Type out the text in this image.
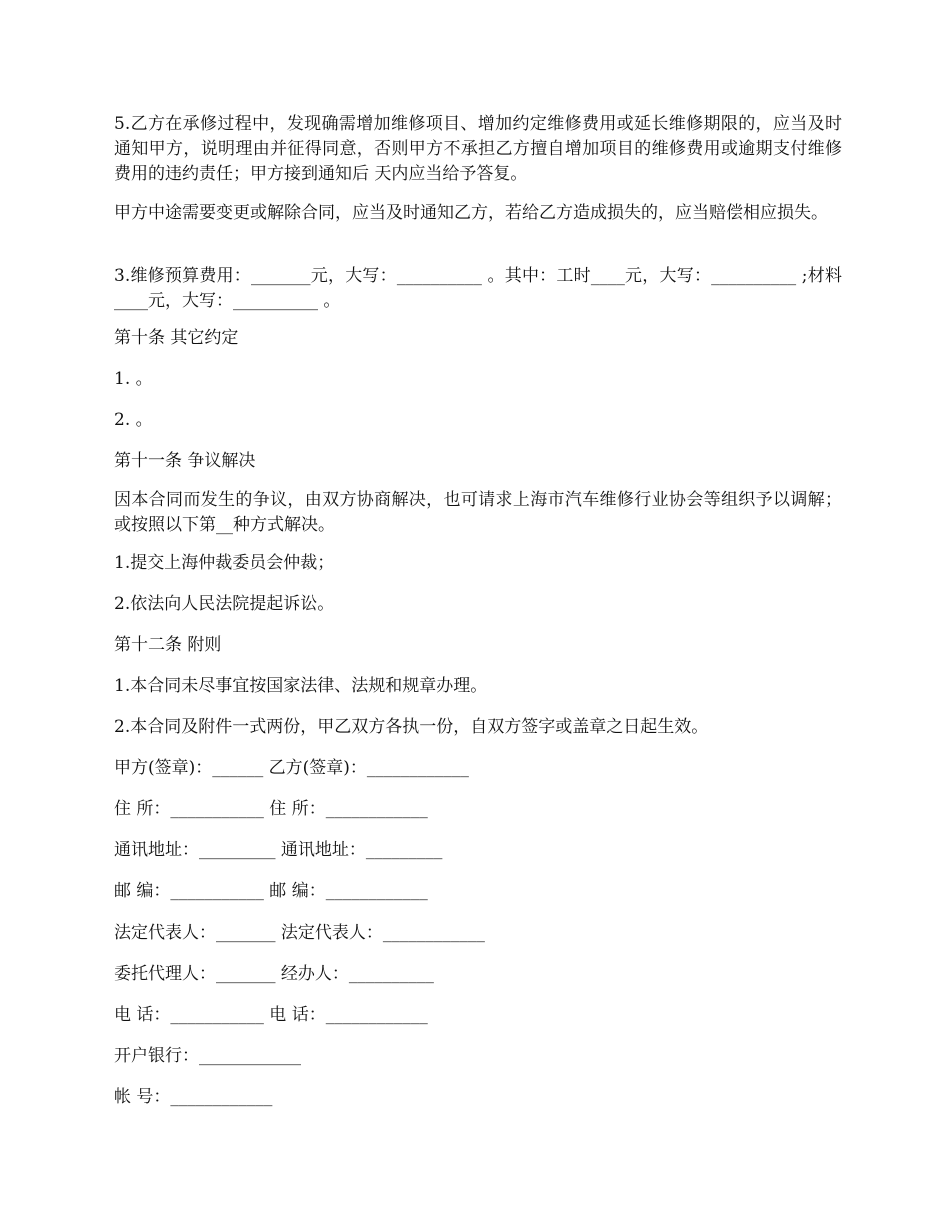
5.乙方在承修过程中，发现确需增加维修项目、增加约定维修费用或延长维修期限的，应当及时通知甲方，说明理由并征得同意，否则甲方不承担乙方擅自增加项目的维修费用或逾期支付维修费用的违约责任；甲方接到通知后 天内应当给予答复。

甲方中途需要变更或解除合同，应当及时通知乙方，若给乙方造成损失的，应当赔偿相应损失。

3.维修预算费用：_______元，大写：__________ 。其中：工时____元，大写：__________ ;材料____元，大写：__________ 。

第十条 其它约定

1. 。

2. 。

第十一条 争议解决

因本合同而发生的争议，由双方协商解决，也可请求上海市汽车维修行业协会等组织予以调解；或按照以下第__种方式解决。

1.提交上海仲裁委员会仲裁；

2.依法向人民法院提起诉讼。

第十二条 附则

1.本合同未尽事宜按国家法律、法规和规章办理。

2.本合同及附件一式两份，甲乙双方各执一份，自双方签字或盖章之日起生效。

甲方(签章)：______ 乙方(签章)：____________

住 所：___________ 住 所：____________

通讯地址：_________ 通讯地址：_________

邮 编：___________ 邮 编：____________

法定代表人：_______ 法定代表人：____________

委托代理人：_______ 经办人：__________

电 话：___________ 电 话：____________

开户银行：____________

帐 号：____________
